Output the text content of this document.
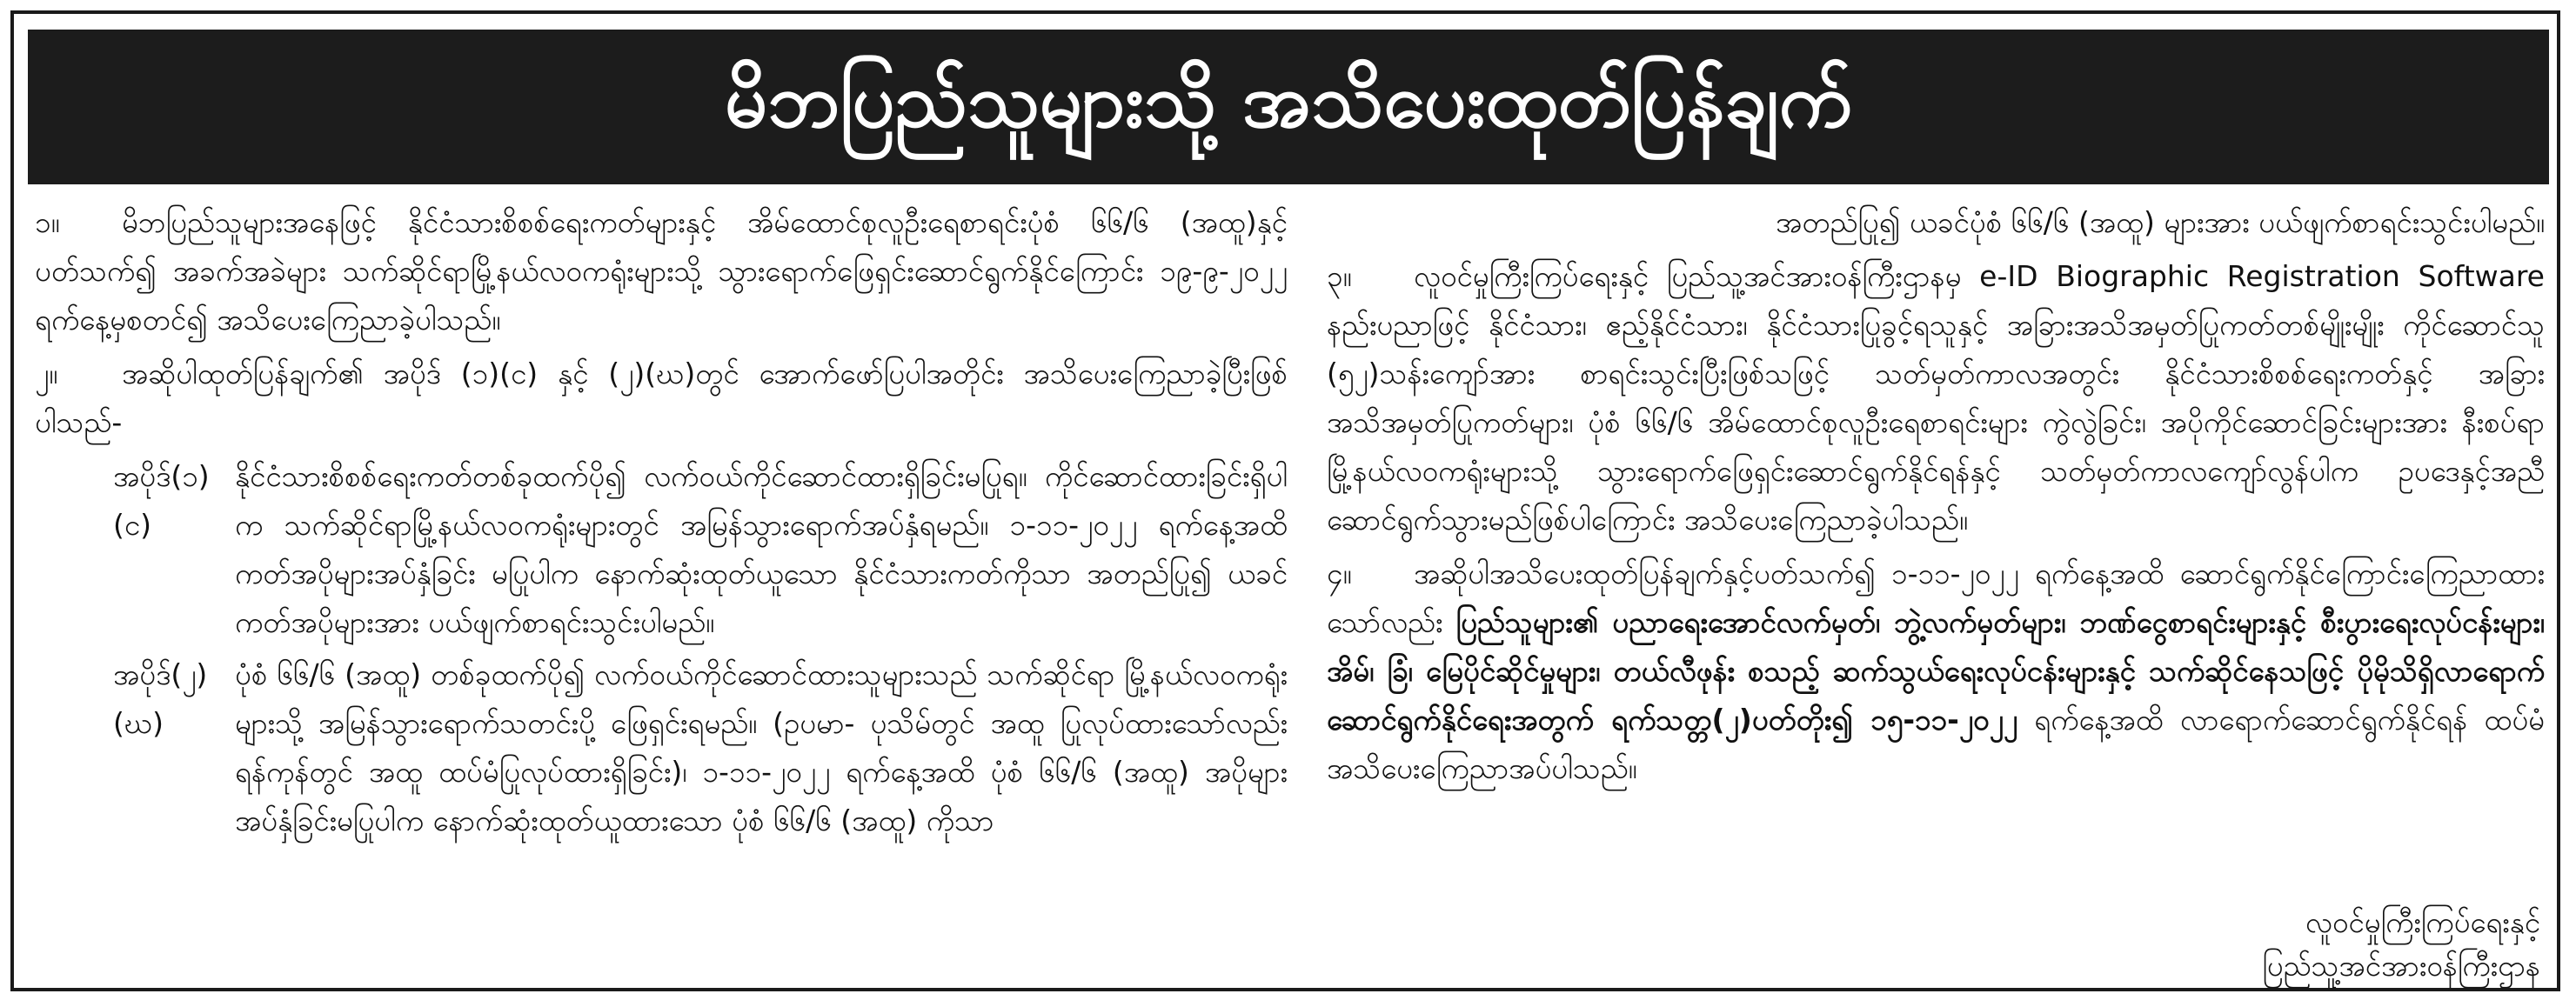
မိဘပြည်သူများသို့ အသိပေးထုတ်ပြန်ချက်
၁။ မိဘပြည်သူများအနေဖြင့် နိုင်ငံသားစိစစ်ရေးကတ်များနှင့် အိမ်ထောင်စုလူဦးရေစာရင်းပုံစံ ၆၆/၆ (အထူ)နှင့်ပတ်သက်၍ အခက်အခဲများ သက်ဆိုင်ရာမြို့နယ်လဝကရုံးများသို့ သွားရောက်ဖြေရှင်းဆောင်ရွက်နိုင်ကြောင်း ၁၉-၉-၂၀၂၂ ရက်နေ့မှစတင်၍ အသိပေးကြေညာခဲ့ပါသည်။
၂။ အဆိုပါထုတ်ပြန်ချက်၏ အပိုဒ် (၁)(င) နှင့် (၂)(ဃ)တွင် အောက်ဖော်ပြပါအတိုင်း အသိပေးကြေညာခဲ့ပြီးဖြစ်ပါသည်-
အပိုဒ်(၁)(င)
နိုင်ငံသားစိစစ်ရေးကတ်တစ်ခုထက်ပို၍ လက်ဝယ်ကိုင်ဆောင်ထားရှိခြင်းမပြုရ။ ကိုင်ဆောင်ထားခြင်းရှိပါက သက်ဆိုင်ရာမြို့နယ်လဝကရုံးများတွင် အမြန်သွားရောက်အပ်နှံရမည်။ ၁-၁၁-၂၀၂၂ ရက်နေ့အထိ ကတ်အပိုများအပ်နှံခြင်း မပြုပါက နောက်ဆုံးထုတ်ယူသော နိုင်ငံသားကတ်ကိုသာ အတည်ပြု၍ ယခင်ကတ်အပိုများအား ပယ်ဖျက်စာရင်းသွင်းပါမည်။
အပိုဒ်(၂)(ဃ)
ပုံစံ ၆၆/၆ (အထူ) တစ်ခုထက်ပို၍ လက်ဝယ်ကိုင်ဆောင်ထားသူများသည် သက်ဆိုင်ရာ မြို့နယ်လဝကရုံးများသို့ အမြန်သွားရောက်သတင်းပို့ ဖြေရှင်းရမည်။ (ဥပမာ- ပုသိမ်တွင် အထူ ပြုလုပ်ထားသော်လည်း ရန်ကုန်တွင် အထူ ထပ်မံပြုလုပ်ထားရှိခြင်း)၊ ၁-၁၁-၂၀၂၂ ရက်နေ့အထိ ပုံစံ ၆၆/၆ (အထူ) အပိုများအပ်နှံခြင်းမပြုပါက နောက်ဆုံးထုတ်ယူထားသော ပုံစံ ၆၆/၆ (အထူ) ကိုသာ
အတည်ပြု၍ ယခင်ပုံစံ ၆၆/၆ (အထူ) များအား ပယ်ဖျက်စာရင်းသွင်းပါမည်။
၃။ လူဝင်မှုကြီးကြပ်ရေးနှင့် ပြည်သူ့အင်အားဝန်ကြီးဌာနမှ e-ID Biographic Registration Software နည်းပညာဖြင့် နိုင်ငံသား၊ ဧည့်နိုင်ငံသား၊ နိုင်ငံသားပြုခွင့်ရသူနှင့် အခြားအသိအမှတ်ပြုကတ်တစ်မျိုးမျိုး ကိုင်ဆောင်သူ (၅၂)သန်းကျော်အား စာရင်းသွင်းပြီးဖြစ်သဖြင့် သတ်မှတ်ကာလအတွင်း နိုင်ငံသားစိစစ်ရေးကတ်နှင့် အခြားအသိအမှတ်ပြုကတ်များ၊ ပုံစံ ၆၆/၆ အိမ်ထောင်စုလူဦးရေစာရင်းများ ကွဲလွဲခြင်း၊ အပိုကိုင်ဆောင်ခြင်းများအား နီးစပ်ရာမြို့နယ်လဝကရုံးများသို့ သွားရောက်ဖြေရှင်းဆောင်ရွက်နိုင်ရန်နှင့် သတ်မှတ်ကာလကျော်လွန်ပါက ဥပဒေနှင့်အညီ ဆောင်ရွက်သွားမည်ဖြစ်ပါကြောင်း အသိပေးကြေညာခဲ့ပါသည်။
၄။ အဆိုပါအသိပေးထုတ်ပြန်ချက်နှင့်ပတ်သက်၍ ၁-၁၁-၂၀၂၂ ရက်နေ့အထိ ဆောင်ရွက်နိုင်ကြောင်းကြေညာထားသော်လည်း ပြည်သူများ၏ ပညာရေးအောင်လက်မှတ်၊ ဘွဲ့လက်မှတ်များ၊ ဘဏ်ငွေစာရင်းများနှင့် စီးပွားရေးလုပ်ငန်းများ၊ အိမ်၊ ခြံ၊ မြေပိုင်ဆိုင်မှုများ၊ တယ်လီဖုန်း စသည့် ဆက်သွယ်ရေးလုပ်ငန်းများနှင့် သက်ဆိုင်နေသဖြင့် ပိုမိုသိရှိလာရောက်ဆောင်ရွက်နိုင်ရေးအတွက် ရက်သတ္တ(၂)ပတ်တိုး၍ ၁၅-၁၁-၂၀၂၂ ရက်နေ့အထိ လာရောက်ဆောင်ရွက်နိုင်ရန် ထပ်မံအသိပေးကြေညာအပ်ပါသည်။
လူဝင်မှုကြီးကြပ်ရေးနှင့်
ပြည်သူ့အင်အားဝန်ကြီးဌာန
